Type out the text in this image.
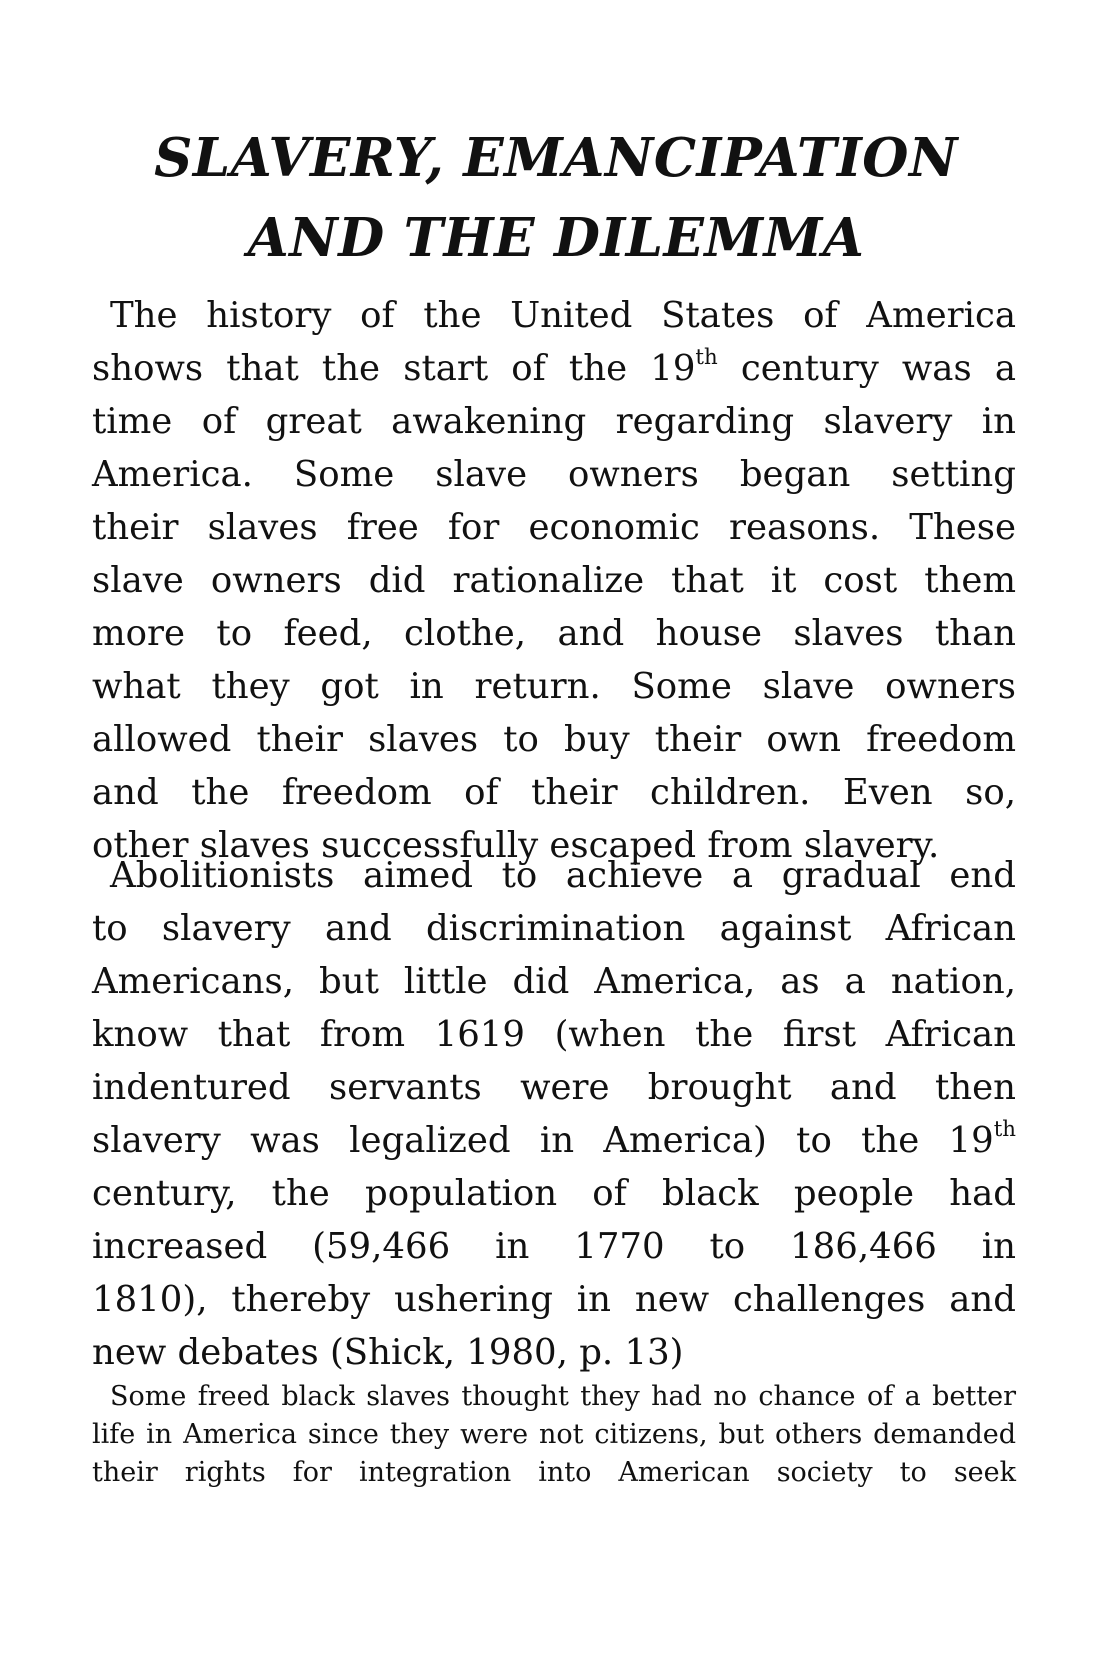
SLAVERY, EMANCIPATION
AND THE DILEMMA
The history of the United States of America
shows that the start of the 19th century was a
time of great awakening regarding slavery in
America. Some slave owners began setting
their slaves free for economic reasons. These
slave owners did rationalize that it cost them
more to feed, clothe, and house slaves than
what they got in return. Some slave owners
allowed their slaves to buy their own freedom
and the freedom of their children. Even so,
other slaves successfully escaped from slavery.
Abolitionists aimed to achieve a gradual end
to slavery and discrimination against African
Americans, but little did America, as a nation,
know that from 1619 (when the first African
indentured servants were brought and then
slavery was legalized in America) to the 19th
century, the population of black people had
increased (59,466 in 1770 to 186,466 in
1810), thereby ushering in new challenges and
new debates (Shick, 1980, p. 13)
Some freed black slaves thought they had no chance of a better
life in America since they were not citizens, but others demanded
their rights for integration into American society to seek
